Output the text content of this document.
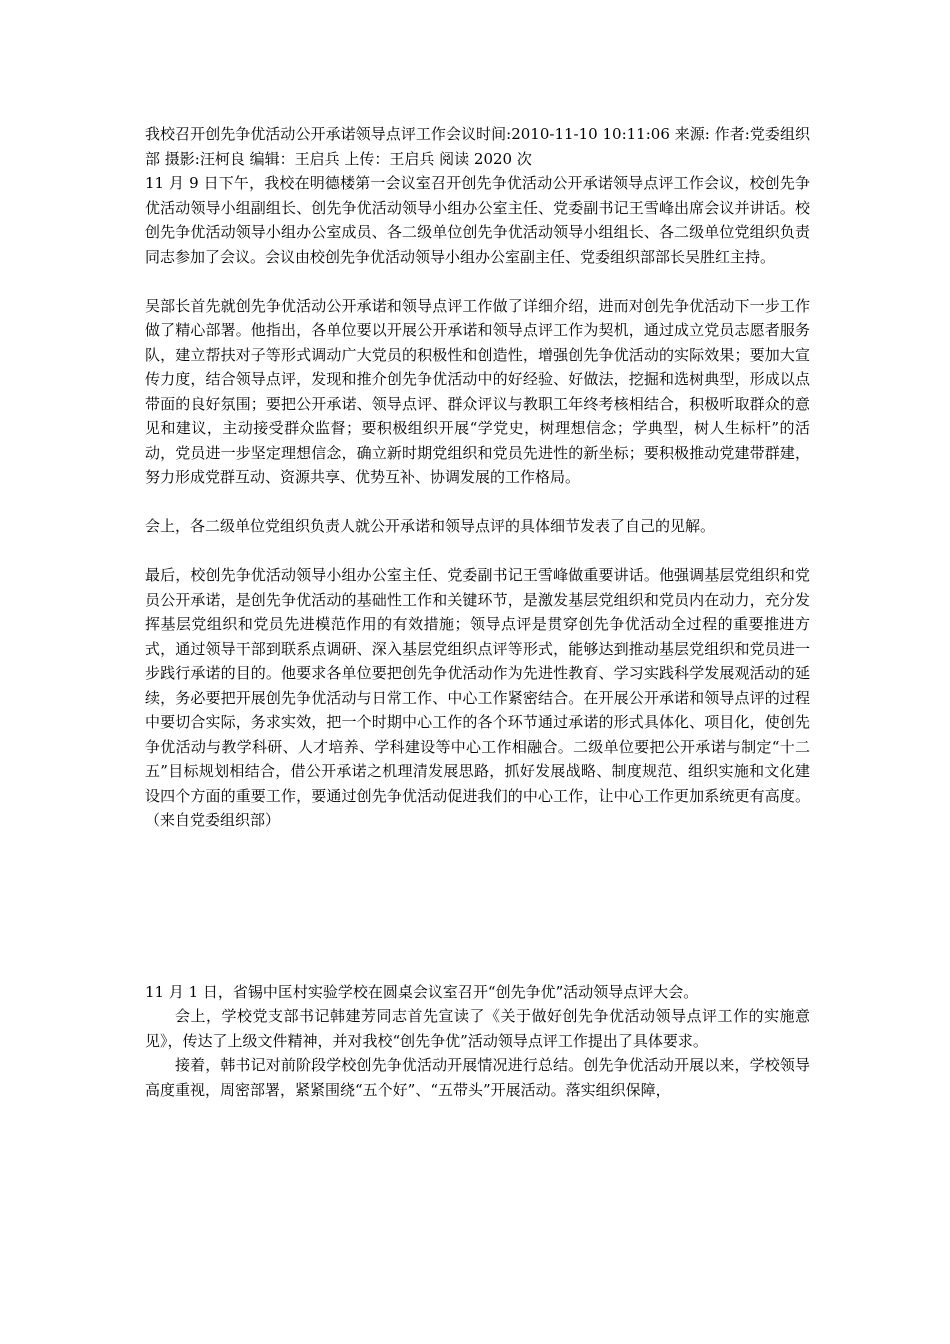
我校召开创先争优活动公开承诺领导点评工作会议时间:2010-11-10 10:11:06 来源: 作者:党委组织部 摄影:汪柯良 编辑：王启兵 上传：王启兵 阅读 2020 次

11 月 9 日下午，我校在明德楼第一会议室召开创先争优活动公开承诺领导点评工作会议，校创先争优活动领导小组副组长、创先争优活动领导小组办公室主任、党委副书记王雪峰出席会议并讲话。校创先争优活动领导小组办公室成员、各二级单位创先争优活动领导小组组长、各二级单位党组织负责同志参加了会议。会议由校创先争优活动领导小组办公室副主任、党委组织部部长吴胜红主持。

吴部长首先就创先争优活动公开承诺和领导点评工作做了详细介绍，进而对创先争优活动下一步工作做了精心部署。他指出，各单位要以开展公开承诺和领导点评工作为契机，通过成立党员志愿者服务队，建立帮扶对子等形式调动广大党员的积极性和创造性，增强创先争优活动的实际效果；要加大宣传力度，结合领导点评，发现和推介创先争优活动中的好经验、好做法，挖掘和选树典型，形成以点带面的良好氛围；要把公开承诺、领导点评、群众评议与教职工年终考核相结合，积极听取群众的意见和建议，主动接受群众监督；要积极组织开展“学党史，树理想信念；学典型，树人生标杆”的活动，党员进一步坚定理想信念，确立新时期党组织和党员先进性的新坐标；要积极推动党建带群建，努力形成党群互动、资源共享、优势互补、协调发展的工作格局。

会上，各二级单位党组织负责人就公开承诺和领导点评的具体细节发表了自己的见解。

最后，校创先争优活动领导小组办公室主任、党委副书记王雪峰做重要讲话。他强调基层党组织和党员公开承诺，是创先争优活动的基础性工作和关键环节，是激发基层党组织和党员内在动力，充分发挥基层党组织和党员先进模范作用的有效措施；领导点评是贯穿创先争优活动全过程的重要推进方式，通过领导干部到联系点调研、深入基层党组织点评等形式，能够达到推动基层党组织和党员进一步践行承诺的目的。他要求各单位要把创先争优活动作为先进性教育、学习实践科学发展观活动的延续，务必要把开展创先争优活动与日常工作、中心工作紧密结合。在开展公开承诺和领导点评的过程中要切合实际，务求实效，把一个时期中心工作的各个环节通过承诺的形式具体化、项目化，使创先争优活动与教学科研、人才培养、学科建设等中心工作相融合。二级单位要把公开承诺与制定“十二五”目标规划相结合，借公开承诺之机理清发展思路，抓好发展战略、制度规范、组织实施和文化建设四个方面的重要工作，要通过创先争优活动促进我们的中心工作，让中心工作更加系统更有高度。（来自党委组织部）

11 月 1 日，省锡中匡村实验学校在圆桌会议室召开“创先争优”活动领导点评大会。

会上，学校党支部书记韩建芳同志首先宣读了《关于做好创先争优活动领导点评工作的实施意见》，传达了上级文件精神，并对我校“创先争优”活动领导点评工作提出了具体要求。

接着，韩书记对前阶段学校创先争优活动开展情况进行总结。创先争优活动开展以来，学校领导高度重视，周密部署，紧紧围绕“五个好”、“五带头”开展活动。落实组织保障，
